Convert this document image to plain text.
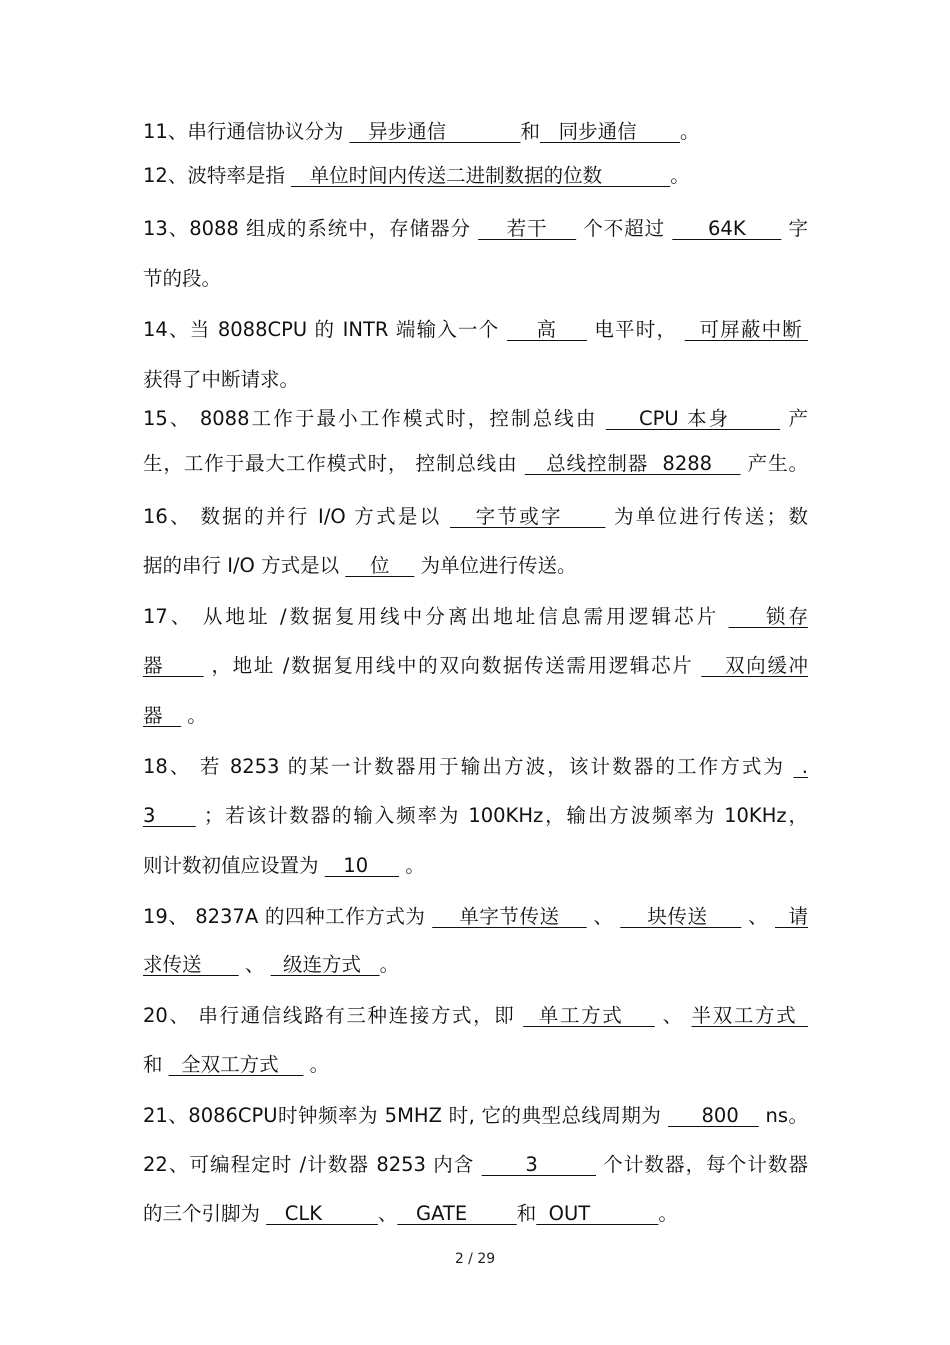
11、串行通信协议分为    异步通信            和   同步通信       。
12、波特率是指    单位时间内传送二进制数据的位数           。
13、8088 组成的系统中，存储器分     若干     个不超过      64K      字
节的段。
14、当 8088CPU 的 INTR 端输入一个     高     电平时，   可屏蔽中断
获得了中断请求。
15、 8088工作于最小工作模式时，控制总线由     CPU 本身       产
生，工作于最大工作模式时， 控制总线由    总线控制器  8288     产生。
16、 数据的并行 I/O 方式是以    字节或字      为单位进行传送；数
据的串行 I/O 方式是以     位     为单位进行传送。
17、 从地址 /数据复用线中分离出地址信息需用逻辑芯片     锁存
器      ，地址 /数据复用线中的双向数据传送需用逻辑芯片    双向缓冲
器    。
18、 若 8253 的某一计数器用于输出方波，该计数器的工作方式为  .
3      ；若该计数器的输入频率为 100KHz，输出方波频率为 10KHz，
则计数初值应设置为    10      。
19、 8237A 的四种工作方式为     单字节传送     、     块传送      、   请
求传送       、   级连方式   。
20、 串行通信线路有三种连接方式，即   单工方式     、 半双工方式
和   全双工方式     。
21、8086CPU时钟频率为 5MHZ 时, 它的典型总线周期为      800    ns。
22、可编程定时 /计数器 8253 内含       3         个计数器，每个计数器
的三个引脚为    CLK         、   GATE        和  OUT           。
2 / 29
